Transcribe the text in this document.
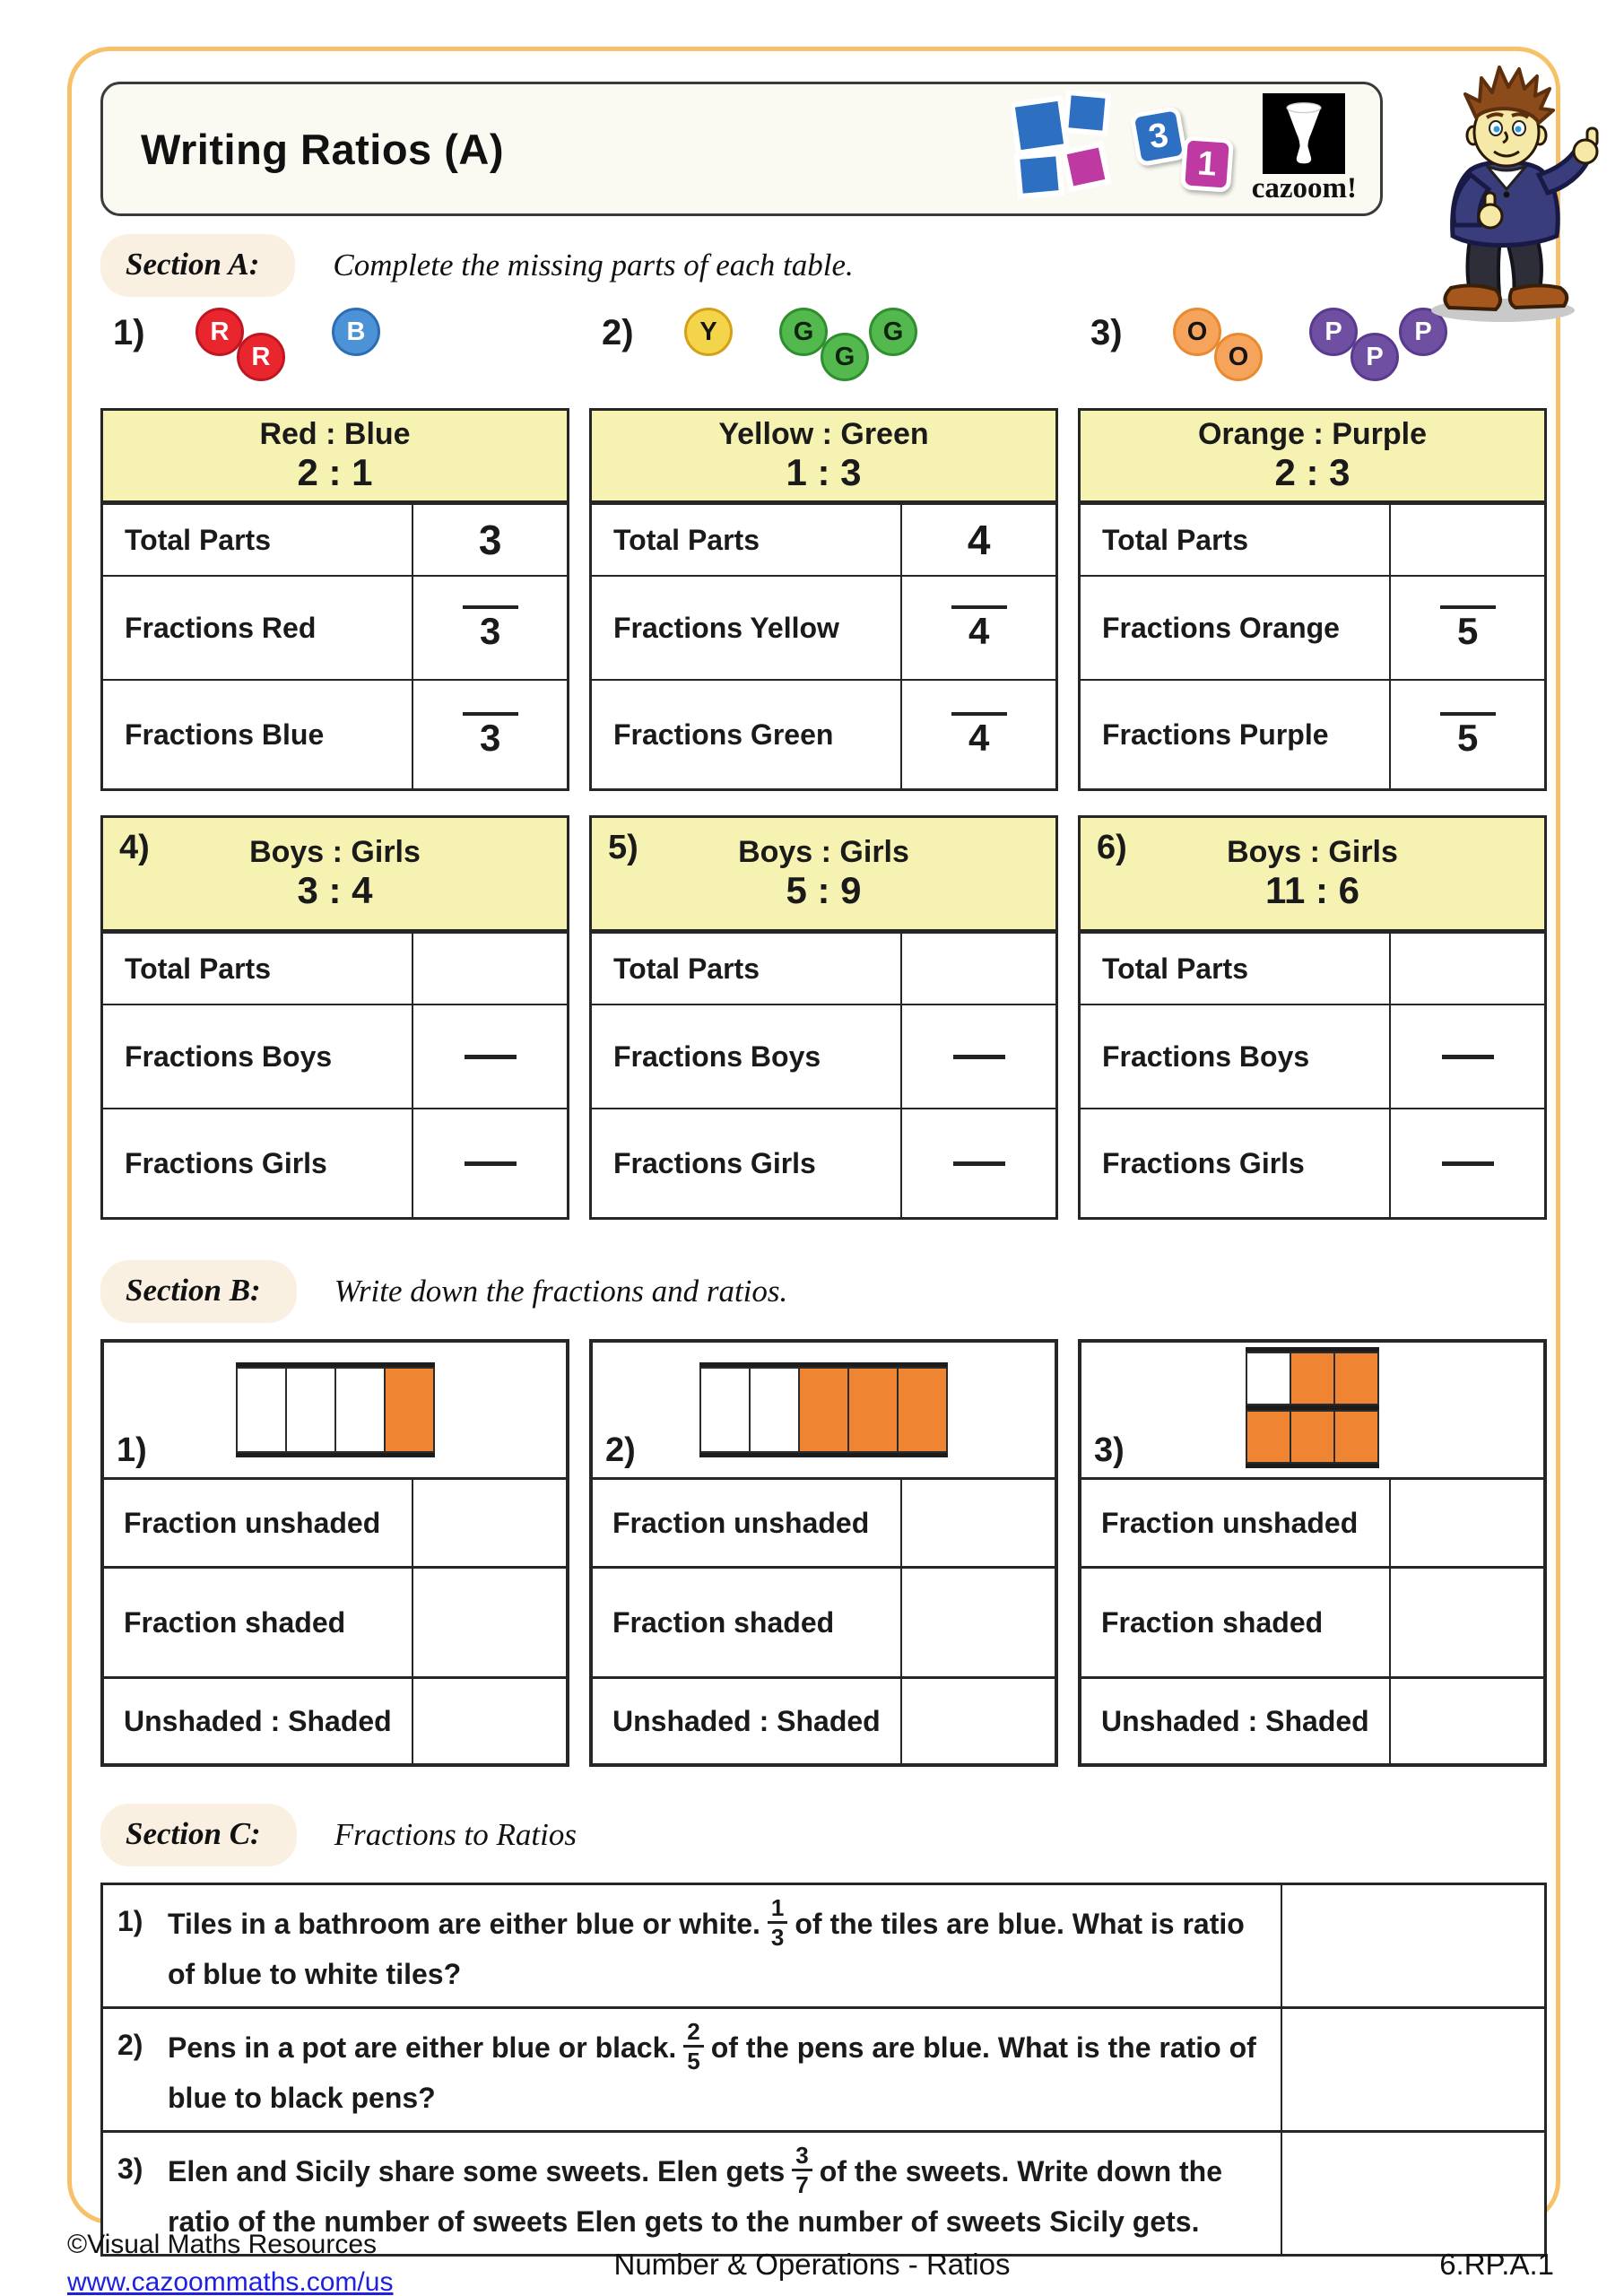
Writing Ratios (A)	3
1
cazoom!
Section A:	Complete the missing parts of each table.
1)	R
R
B	2)	Y	G
G
G	3)	O
O
P
P
P
Red : Blue
2 : 1
Total Parts	3
Fractions Red	3
Fractions Blue	3
Yellow : Green
1 : 3
Total Parts	4
Fractions Yellow	4
Fractions Green	4
Orange : Purple
2 : 3
Total Parts
Fractions Orange	5
Fractions Purple	5
4)	Boys : Girls
3 : 4
Total Parts
Fractions Boys
Fractions Girls
5)	Boys : Girls
5 : 9
Total Parts
Fractions Boys
Fractions Girls
6)	Boys : Girls
11 : 6
Total Parts
Fractions Boys
Fractions Girls
Section B:	Write down the fractions and ratios.
1)
Fraction unshaded
Fraction shaded
Unshaded : Shaded
2)
Fraction unshaded
Fraction shaded
Unshaded : Shaded
3)
Fraction unshaded
Fraction shaded
Unshaded : Shaded
Section C:	Fractions to Ratios
1) Tiles in a bathroom are either blue or white. $\frac{1}{3}$ of the tiles are blue. What is ratio of blue to white tiles?
2) Pens in a pot are either blue or black. $\frac{2}{5}$ of the pens are blue. What is the ratio of blue to black pens?
3) Elen and Sicily share some sweets. Elen gets $\frac{3}{7}$ of the sweets. Write down the ratio of the number of sweets Elen gets to the number of sweets Sicily gets.
©Visual Maths Resources
www.cazoommaths.com/us
Number & Operations - Ratios	6.RP.A.1
